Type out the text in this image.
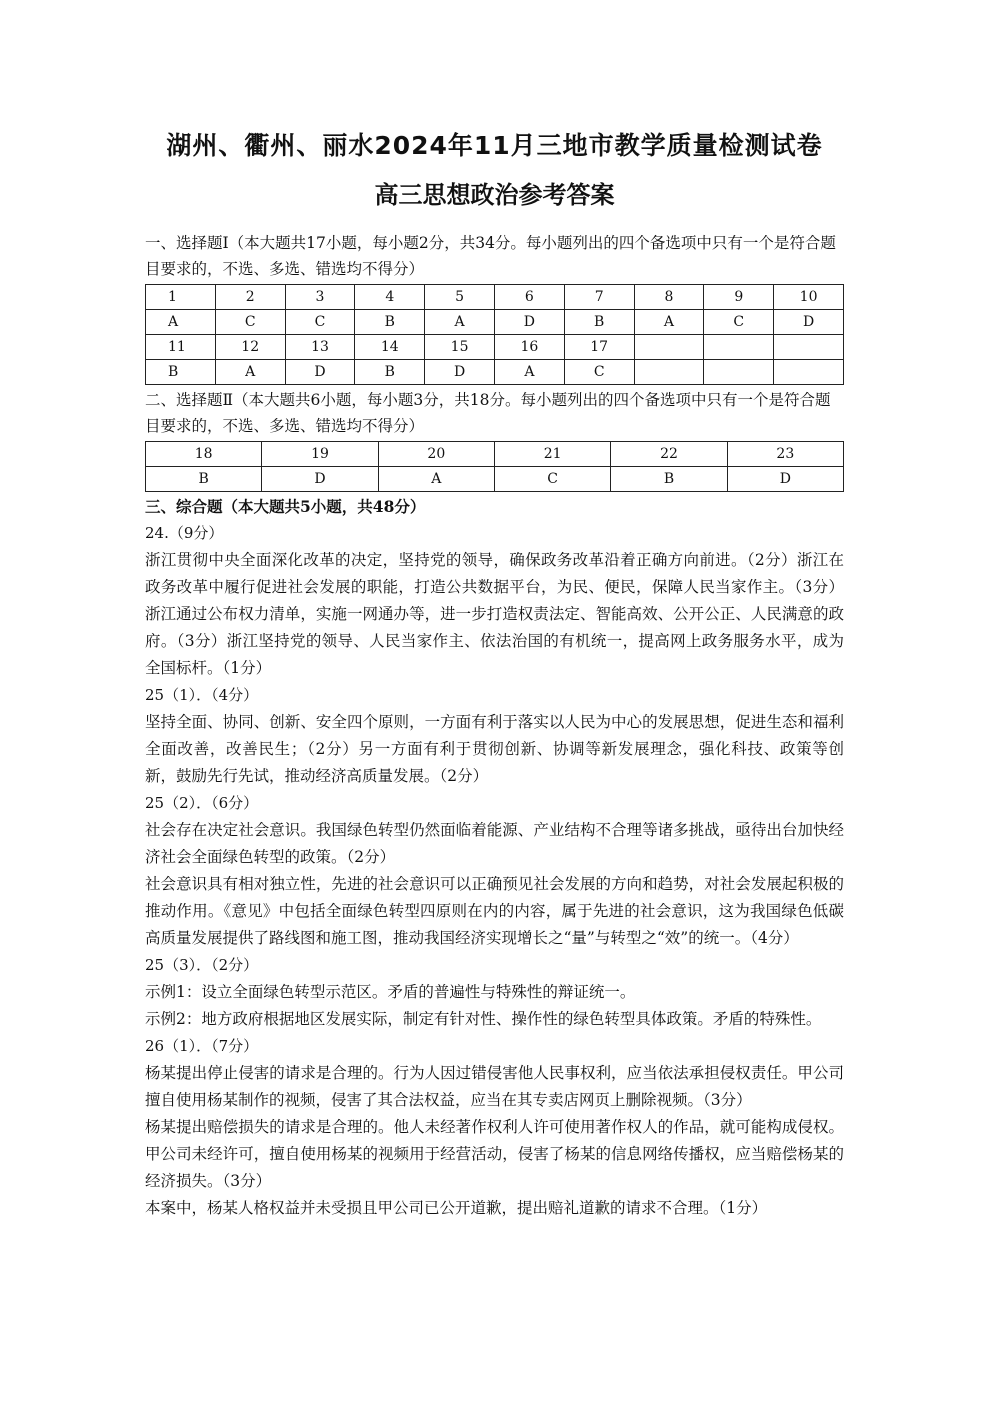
湖州、衢州、丽水2024年11月三地市教学质量检测试卷
高三思想政治参考答案

一、选择题Ⅰ（本大题共17小题，每小题2分，共34分。每小题列出的四个备选项中只有一个是符合题目要求的，不选、多选、错选均不得分）

1	2	3	4	5	6	7	8	9	10
A	C	C	B	A	D	B	A	C	D
11	12	13	14	15	16	17			
B	A	D	B	D	A	C			

二、选择题Ⅱ（本大题共6小题，每小题3分，共18分。每小题列出的四个备选项中只有一个是符合题目要求的，不选、多选、错选均不得分）

18	19	20	21	22	23
B	D	A	C	B	D

三、综合题（本大题共5小题，共48分）

24.（9分）

浙江贯彻中央全面深化改革的决定，坚持党的领导，确保政务改革沿着正确方向前进。（2分）浙江在政务改革中履行促进社会发展的职能，打造公共数据平台，为民、便民，保障人民当家作主。（3分）浙江通过公布权力清单，实施一网通办等，进一步打造权责法定、智能高效、公开公正、人民满意的政府。（3分）浙江坚持党的领导、人民当家作主、依法治国的有机统一，提高网上政务服务水平，成为全国标杆。（1分）

25（1）．（4分）

坚持全面、协同、创新、安全四个原则，一方面有利于落实以人民为中心的发展思想，促进生态和福利全面改善，改善民生；（2分）另一方面有利于贯彻创新、协调等新发展理念，强化科技、政策等创新，鼓励先行先试，推动经济高质量发展。（2分）

25（2）．（6分）

社会存在决定社会意识。我国绿色转型仍然面临着能源、产业结构不合理等诸多挑战，亟待出台加快经济社会全面绿色转型的政策。（2分）

社会意识具有相对独立性，先进的社会意识可以正确预见社会发展的方向和趋势，对社会发展起积极的推动作用。《意见》中包括全面绿色转型四原则在内的内容，属于先进的社会意识，这为我国绿色低碳高质量发展提供了路线图和施工图，推动我国经济实现增长之“量”与转型之“效”的统一。（4分）

25（3）．（2分）

示例1：设立全面绿色转型示范区。矛盾的普遍性与特殊性的辩证统一。

示例2：地方政府根据地区发展实际，制定有针对性、操作性的绿色转型具体政策。矛盾的特殊性。

26（1）．（7分）

杨某提出停止侵害的请求是合理的。行为人因过错侵害他人民事权利，应当依法承担侵权责任。甲公司擅自使用杨某制作的视频，侵害了其合法权益，应当在其专卖店网页上删除视频。（3分）

杨某提出赔偿损失的请求是合理的。他人未经著作权利人许可使用著作权人的作品，就可能构成侵权。甲公司未经许可，擅自使用杨某的视频用于经营活动，侵害了杨某的信息网络传播权，应当赔偿杨某的经济损失。（3分）

本案中，杨某人格权益并未受损且甲公司已公开道歉，提出赔礼道歉的请求不合理。（1分）
